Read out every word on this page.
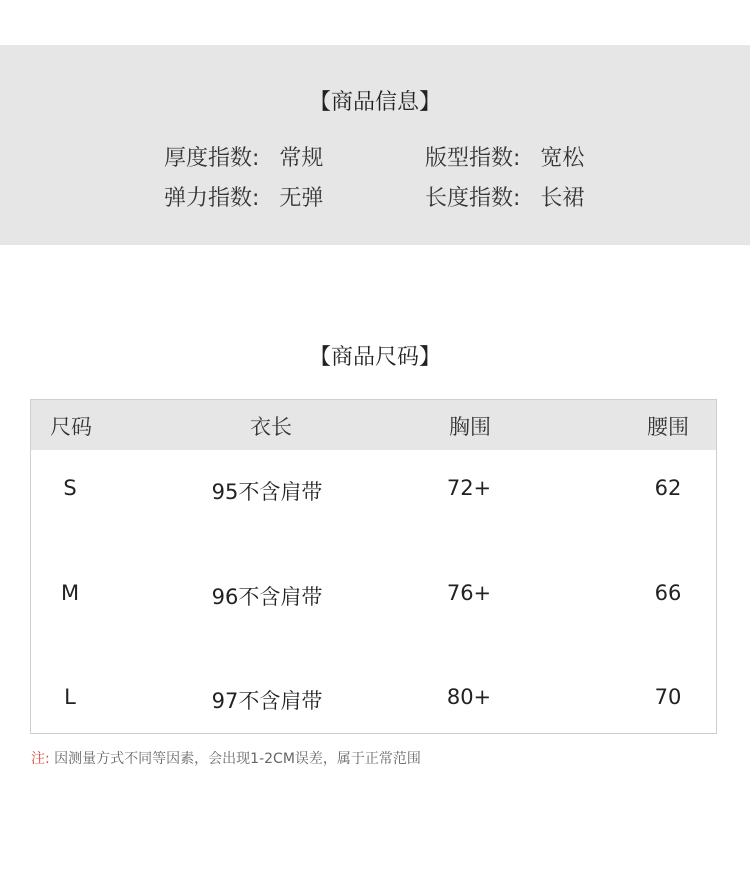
【商品信息】
厚度指数: 常规	版型指数: 宽松
弹力指数: 无弹	长度指数: 长裙
【商品尺码】
尺码	衣长	胸围	腰围
S	95不含肩带	72+	62
M	96不含肩带	76+	66
L	97不含肩带	80+	70
注: 因测量方式不同等因素，会出现1-2CM误差，属于正常范围
